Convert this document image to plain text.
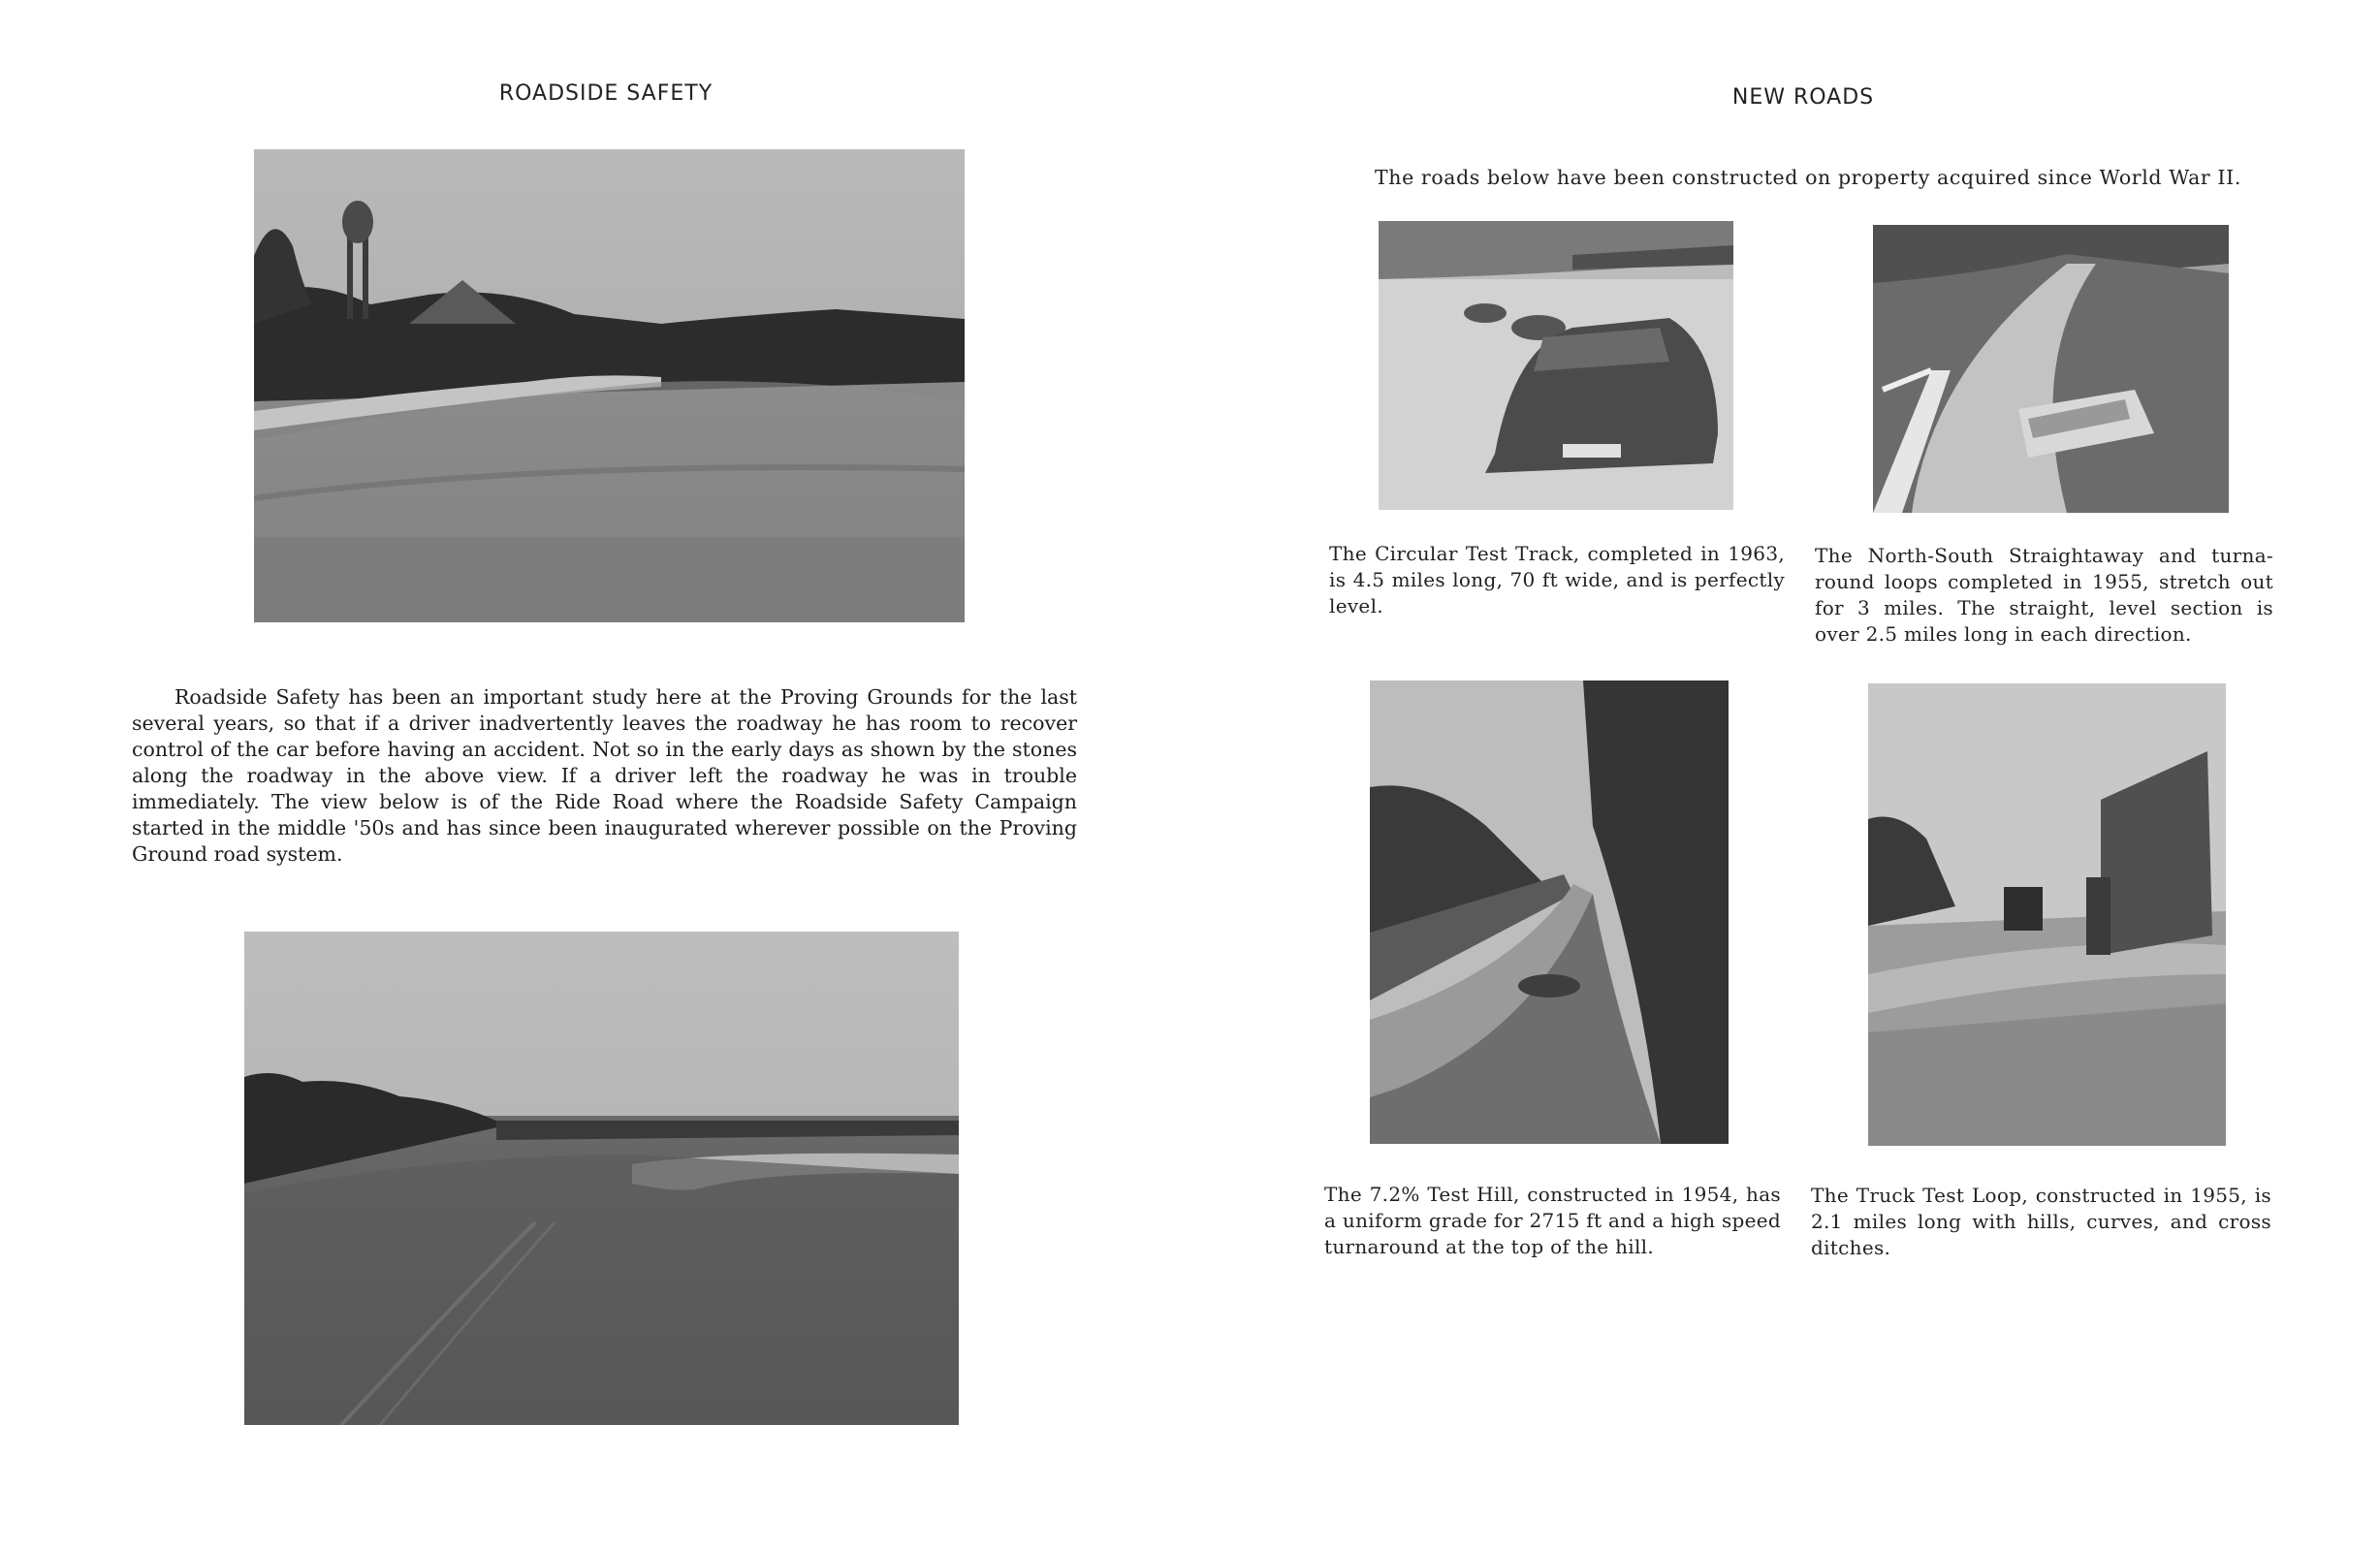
ROADSIDE SAFETY

Roadside Safety has been an important study here at the Proving Grounds for the last several years, so that if a driver inadvertently leaves the roadway he has room to recover control of the car before having an accident. Not so in the early days as shown by the stones along the roadway in the above view. If a driver left the roadway he was in trouble immediately. The view below is of the Ride Road where the Roadside Safety Campaign started in the middle '50s and has since been inaugurated wherever possible on the Proving Ground road system.

NEW ROADS
The roads below have been constructed on property acquired since World War II.
The Circular Test Track, completed in 1963, is 4.5 miles long, 70 ft wide, and is perfectly level.
The North-South Straightaway and turna-round loops completed in 1955, stretch out for 3 miles. The straight, level section is over 2.5 miles long in each direction.
The 7.2% Test Hill, constructed in 1954, has a uniform grade for 2715 ft and a high speed turnaround at the top of the hill.
The Truck Test Loop, constructed in 1955, is 2.1 miles long with hills, curves, and cross ditches.
